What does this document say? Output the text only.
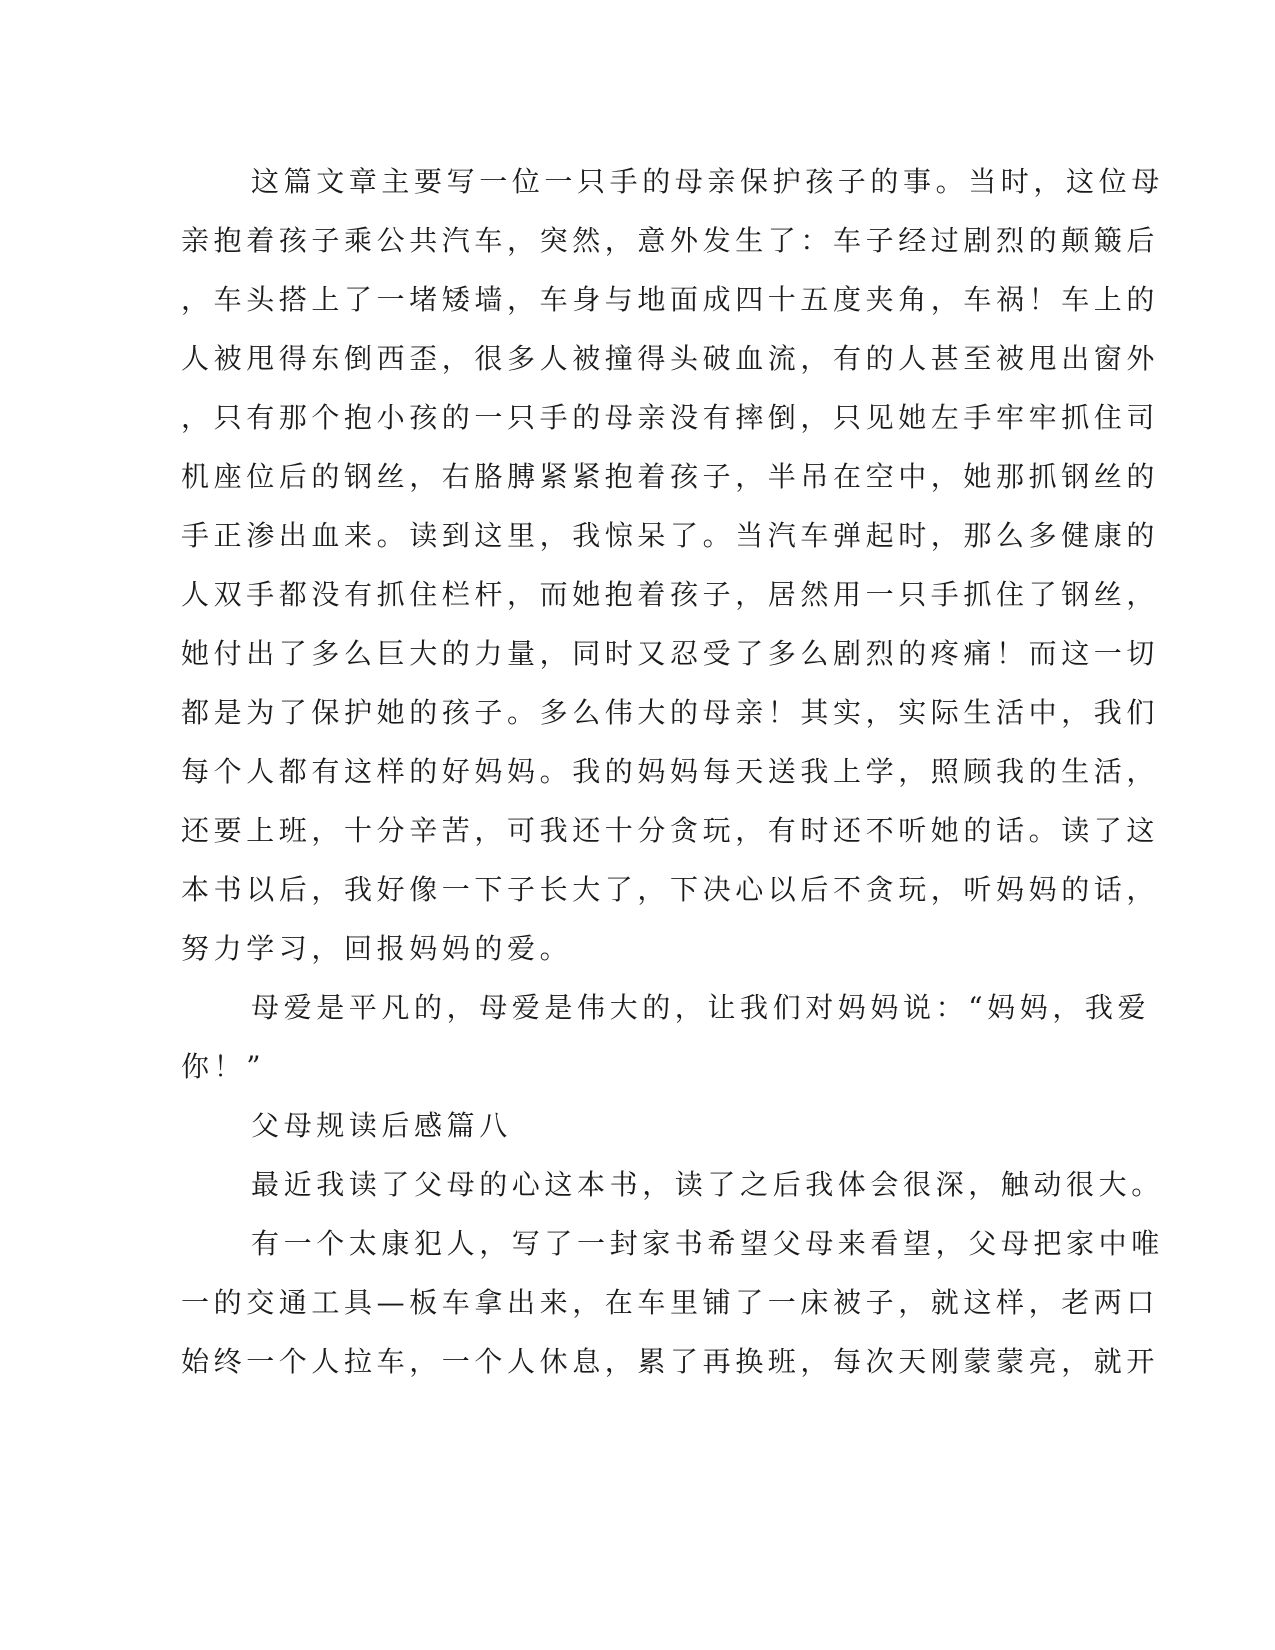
这篇文章主要写一位一只手的母亲保护孩子的事。当时，这位母
亲抱着孩子乘公共汽车，突然，意外发生了：车子经过剧烈的颠簸后
，车头搭上了一堵矮墙，车身与地面成四十五度夹角，车祸！车上的
人被甩得东倒西歪，很多人被撞得头破血流，有的人甚至被甩出窗外
，只有那个抱小孩的一只手的母亲没有摔倒，只见她左手牢牢抓住司
机座位后的钢丝，右胳膊紧紧抱着孩子，半吊在空中，她那抓钢丝的
手正渗出血来。读到这里，我惊呆了。当汽车弹起时，那么多健康的
人双手都没有抓住栏杆，而她抱着孩子，居然用一只手抓住了钢丝，
她付出了多么巨大的力量，同时又忍受了多么剧烈的疼痛！而这一切
都是为了保护她的孩子。多么伟大的母亲！其实，实际生活中，我们
每个人都有这样的好妈妈。我的妈妈每天送我上学，照顾我的生活，
还要上班，十分辛苦，可我还十分贪玩，有时还不听她的话。读了这
本书以后，我好像一下子长大了，下决心以后不贪玩，听妈妈的话，
努力学习，回报妈妈的爱。
母爱是平凡的，母爱是伟大的，让我们对妈妈说：“妈妈，我爱
你！”
父母规读后感篇八
最近我读了父母的心这本书，读了之后我体会很深，触动很大。
有一个太康犯人，写了一封家书希望父母来看望，父母把家中唯
一的交通工具—板车拿出来，在车里铺了一床被子，就这样，老两口
始终一个人拉车，一个人休息，累了再换班，每次天刚蒙蒙亮，就开
